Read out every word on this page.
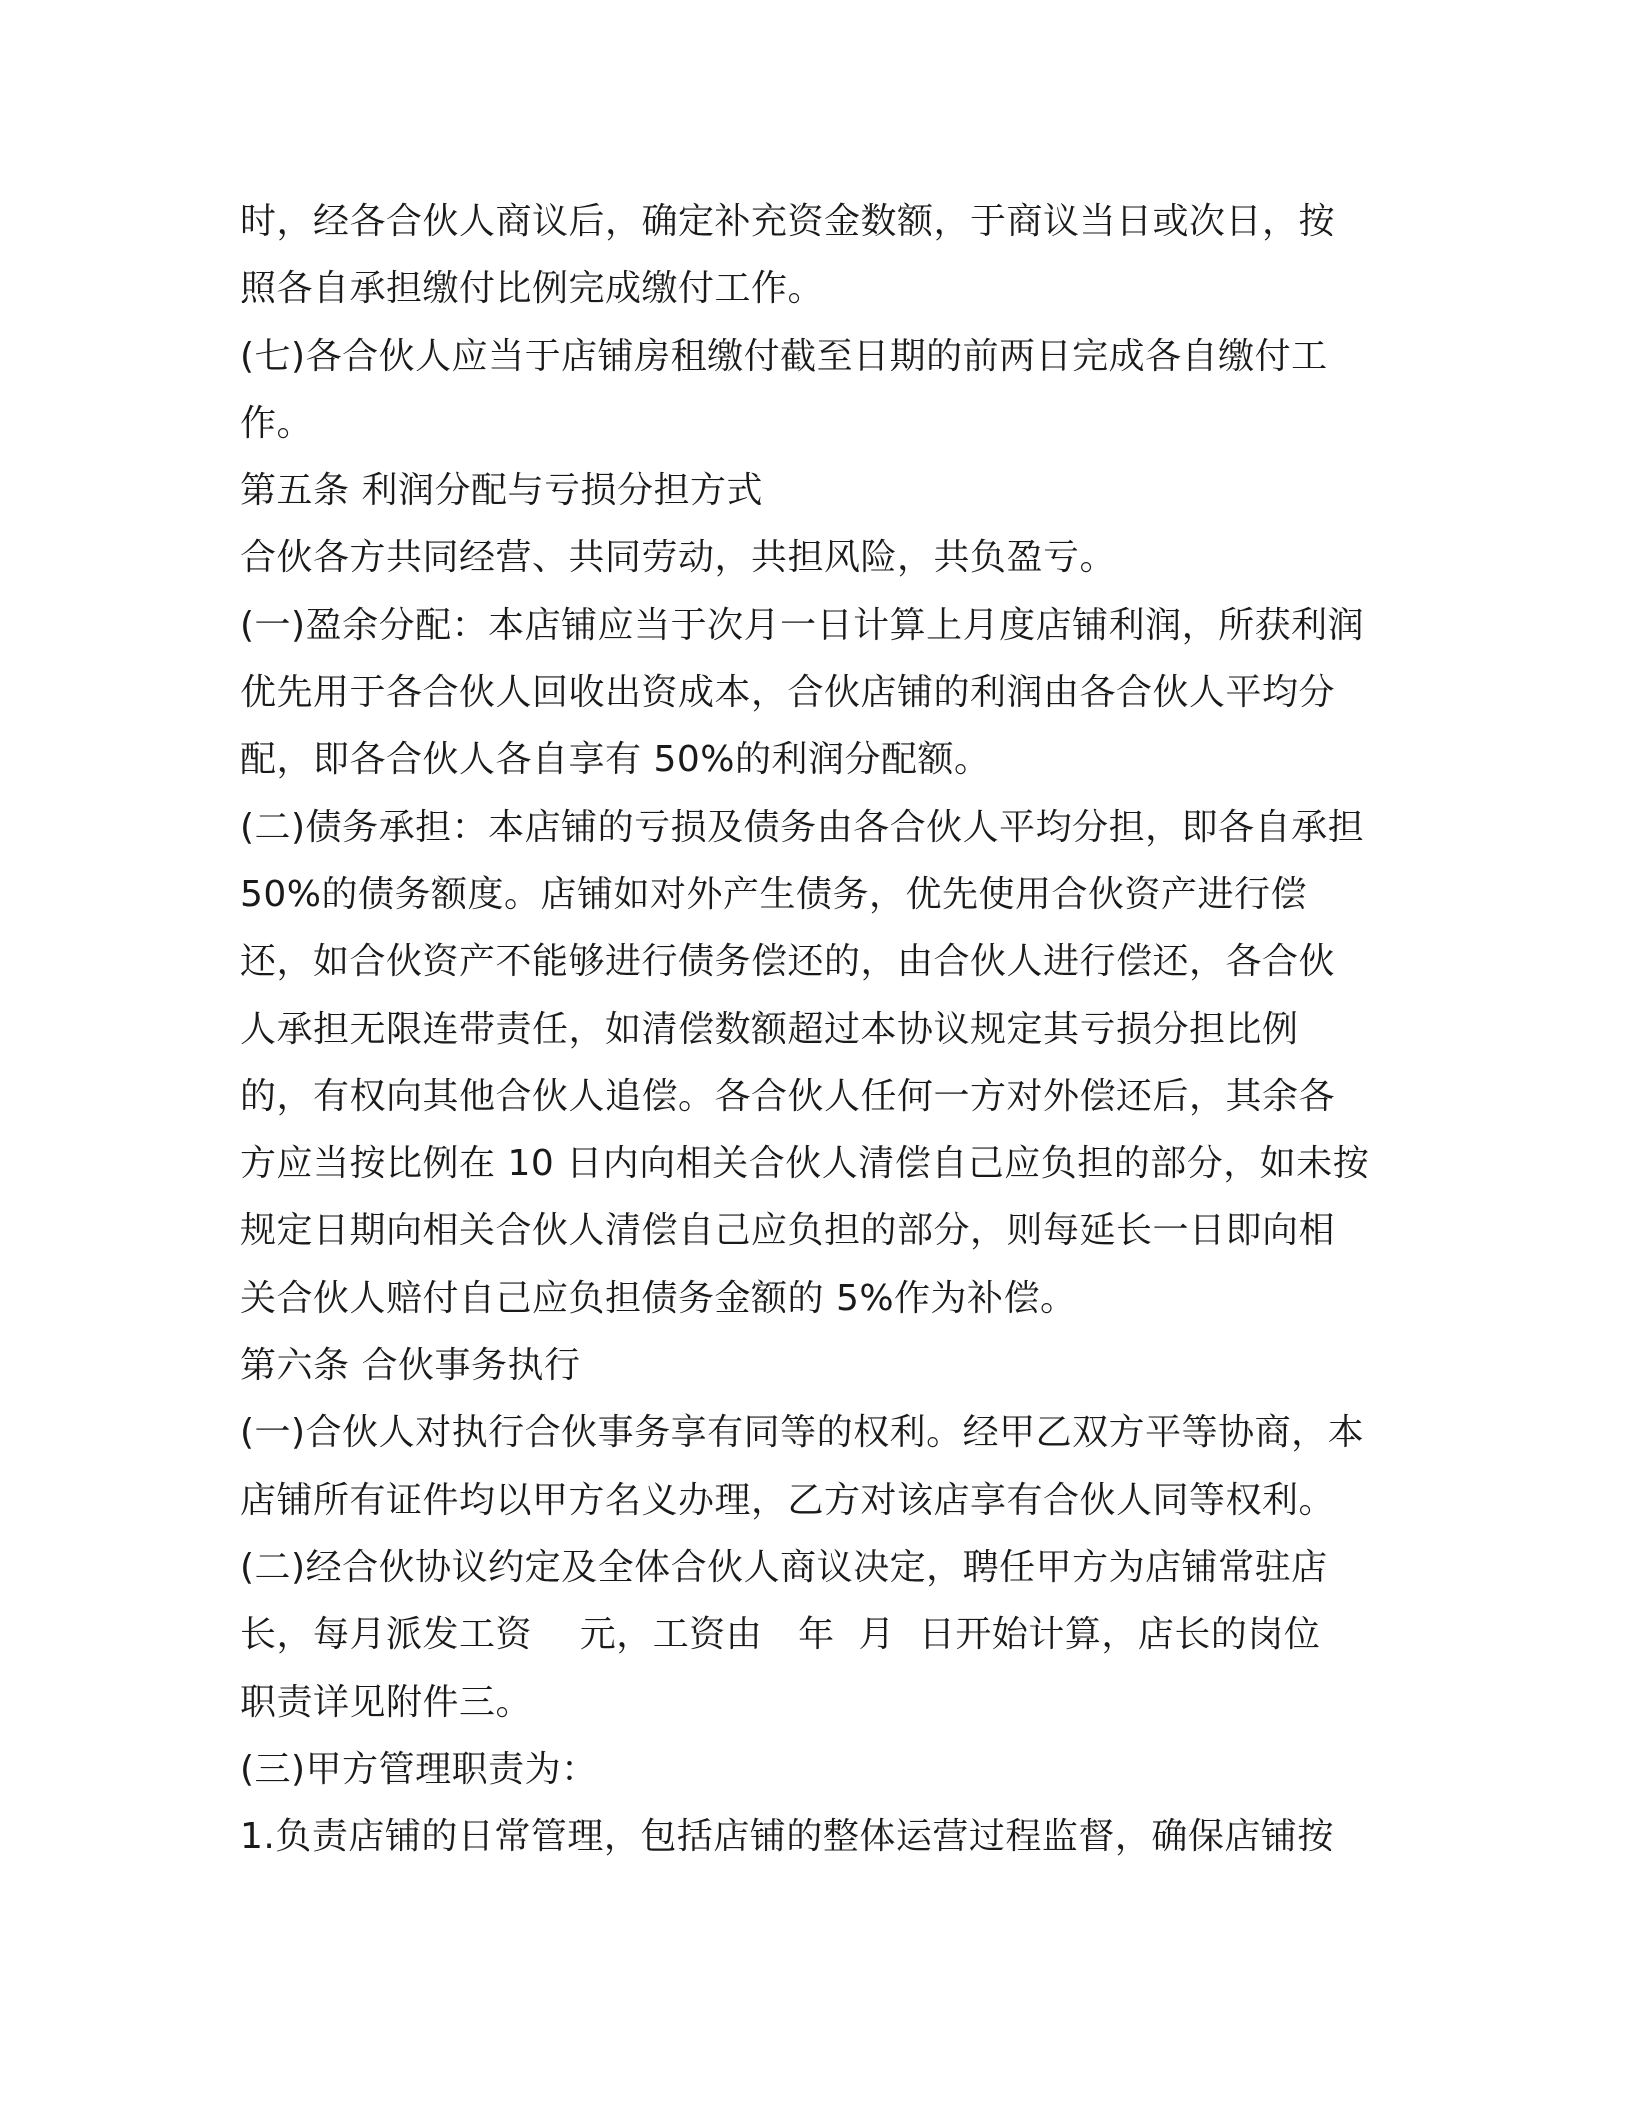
时，经各合伙人商议后，确定补充资金数额，于商议当日或次日，按
照各自承担缴付比例完成缴付工作。
(七)各合伙人应当于店铺房租缴付截至日期的前两日完成各自缴付工
作。
第五条 利润分配与亏损分担方式
合伙各方共同经营、共同劳动，共担风险，共负盈亏。
(一)盈余分配：本店铺应当于次月一日计算上月度店铺利润，所获利润
优先用于各合伙人回收出资成本，合伙店铺的利润由各合伙人平均分
配，即各合伙人各自享有 50%的利润分配额。
(二)债务承担：本店铺的亏损及债务由各合伙人平均分担，即各自承担
50%的债务额度。店铺如对外产生债务，优先使用合伙资产进行偿
还，如合伙资产不能够进行债务偿还的，由合伙人进行偿还，各合伙
人承担无限连带责任，如清偿数额超过本协议规定其亏损分担比例
的，有权向其他合伙人追偿。各合伙人任何一方对外偿还后，其余各
方应当按比例在 10 日内向相关合伙人清偿自己应负担的部分，如未按
规定日期向相关合伙人清偿自己应负担的部分，则每延长一日即向相
关合伙人赔付自己应负担债务金额的 5%作为补偿。
第六条 合伙事务执行
(一)合伙人对执行合伙事务享有同等的权利。经甲乙双方平等协商，本
店铺所有证件均以甲方名义办理，乙方对该店享有合伙人同等权利。
(二)经合伙协议约定及全体合伙人商议决定，聘任甲方为店铺常驻店
长，每月派发工资    元，工资由   年  月  日开始计算，店长的岗位
职责详见附件三。
(三)甲方管理职责为：
1.负责店铺的日常管理，包括店铺的整体运营过程监督，确保店铺按
